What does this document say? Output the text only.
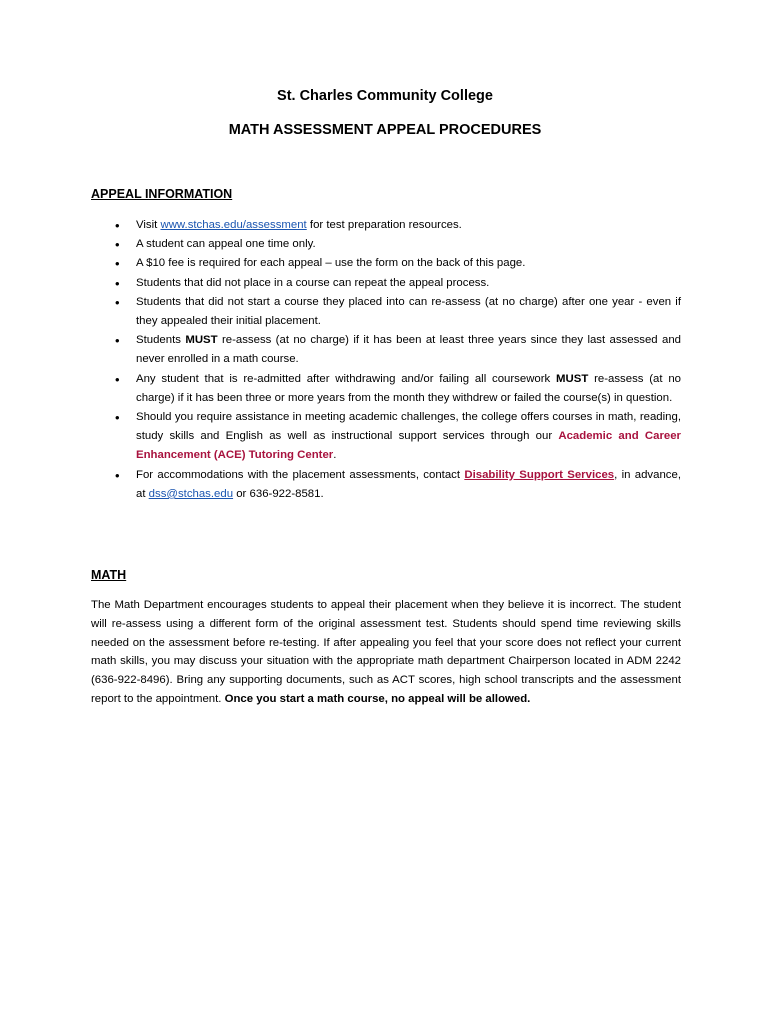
St. Charles Community College
MATH ASSESSMENT APPEAL PROCEDURES
APPEAL INFORMATION
• Visit www.stchas.edu/assessment for test preparation resources.
• A student can appeal one time only.
• A $10 fee is required for each appeal – use the form on the back of this page.
• Students that did not place in a course can repeat the appeal process.
• Students that did not start a course they placed into can re-assess (at no charge) after one year - even if they appealed their initial placement.
• Students MUST re-assess (at no charge) if it has been at least three years since they last assessed and never enrolled in a math course.
• Any student that is re-admitted after withdrawing and/or failing all coursework MUST re-assess (at no charge) if it has been three or more years from the month they withdrew or failed the course(s) in question.
• Should you require assistance in meeting academic challenges, the college offers courses in math, reading, study skills and English as well as instructional support services through our Academic and Career Enhancement (ACE) Tutoring Center.
• For accommodations with the placement assessments, contact Disability Support Services, in advance, at dss@stchas.edu or 636-922-8581.
MATH

The Math Department encourages students to appeal their placement when they believe it is incorrect. The student will re-assess using a different form of the original assessment test. Students should spend time reviewing skills needed on the assessment before re-testing. If after appealing you feel that your score does not reflect your current math skills, you may discuss your situation with the appropriate math department Chairperson located in ADM 2242 (636-922-8496). Bring any supporting documents, such as ACT scores, high school transcripts and the assessment report to the appointment. Once you start a math course, no appeal will be allowed.
